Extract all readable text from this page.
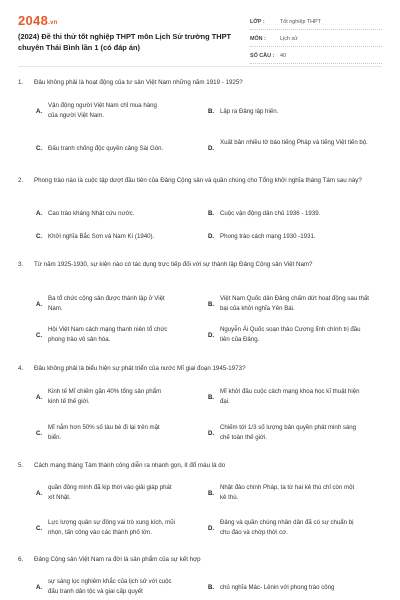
2048.vn
(2024) Đề thi thử tốt nghiệp THPT môn Lịch Sử trường THPT chuyên Thái Bình lần 1 (có đáp án)
LỚP :	Tốt nghiệp THPT
MÔN :	Lịch sử
SỐ CÂU :	40
1. Đâu không phải là hoạt động của tư sản Việt Nam những năm 1919 - 1925?
A.
Vận động người Việt Nam chỉ mua hàng của người Việt Nam.
B. Lập ra Đảng lập hiến.
C. Đấu tranh chống độc quyền cảng Sài Gòn.	D.
Xuất bản nhiều tờ báo tiếng Pháp và tiếng Việt tiến bộ.
2. Phong trào nào là cuộc tập dượt đầu tiên của Đảng Cộng sản và quần chúng cho Tổng khởi nghĩa tháng Tám sau này?
A. Cao trào kháng Nhật cứu nước.	B. Cuộc vận động dân chủ 1936 - 1939.
C. Khởi nghĩa Bắc Sơn và Nam Kì (1940).	D. Phong trào cách mạng 1930 -1931.
3. Từ năm 1925-1930, sự kiện nào có tác dụng trực tiếp đối với sự thành lập Đảng Cộng sản Việt Nam?
A.
Ba tổ chức cộng sản được thành lập ở Việt Nam.
B.
Việt Nam Quốc dân Đảng chấm dứt hoạt động sau thất bại của khởi nghĩa Yên Bái.
C.
Hội Việt Nam cách mạng thanh niên tổ chức phong trào vô sản hóa.
D.
Nguyễn Ái Quốc soạn thảo Cương lĩnh chính trị đầu tiên của Đảng.
4. Đâu không phải là biểu hiện sự phát triển của nước Mĩ giai đoạn 1945-1973?
A.
Kinh tế Mĩ chiếm gần 40% tổng sản phẩm kinh tế thế giới.
B.
Mĩ khởi đầu cuộc cách mạng khoa học kĩ thuật hiện đại.
C.
Mĩ nắm hơn 50% số tàu bè đi lại trên mặt biển.
D.
Chiếm tới 1/3 số lượng bản quyền phát minh sáng chế toàn thế giới.
5. Cách mạng tháng Tám thành công diễn ra nhanh gọn, ít đổ máu là do
A.
quần đông mình đã kịp thời vào giải giáp phát xít Nhật.
B.
Nhật đảo chính Pháp, ta từ hai kẻ thù chỉ còn một kẻ thù.
C.
Lực lượng quân sự đông vai trò xung kích, mũi nhọn, tấn công vào các thành phố lớn.
D.
Đảng và quần chúng nhân dân đã có sự chuẩn bị chu đáo và chớp thời cơ.
6. Đảng Cộng sản Việt Nam ra đời là sản phẩm của sự kết hợp
A.
sự sàng lọc nghiêm khắc của lịch sử với cuộc đấu tranh dân tộc và giai cấp quyết
B. chủ nghĩa Mác- Lênin với phong trào công
